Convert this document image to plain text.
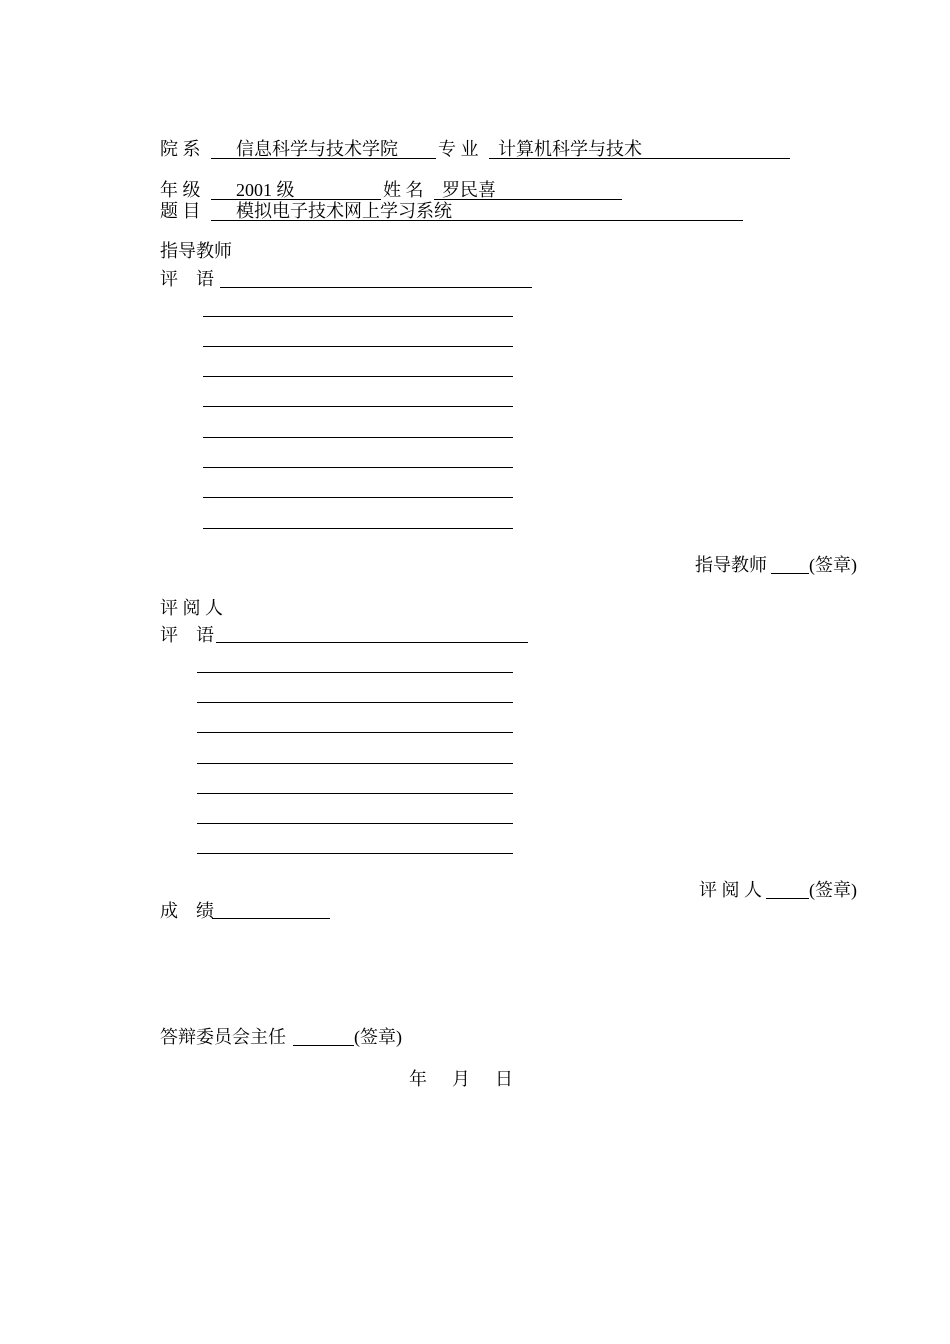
院 系 信息科学与技术学院 专 业 计算机科学与技术
年 级 2001 级	姓 名 罗民喜
题 目 模拟电子技术网上学习系统
指导教师
评　语
指导教师 (签章)
评 阅 人
评　语
评 阅 人	(签章)
成　绩
答辩委员会主任	(签章)
年 月 日
